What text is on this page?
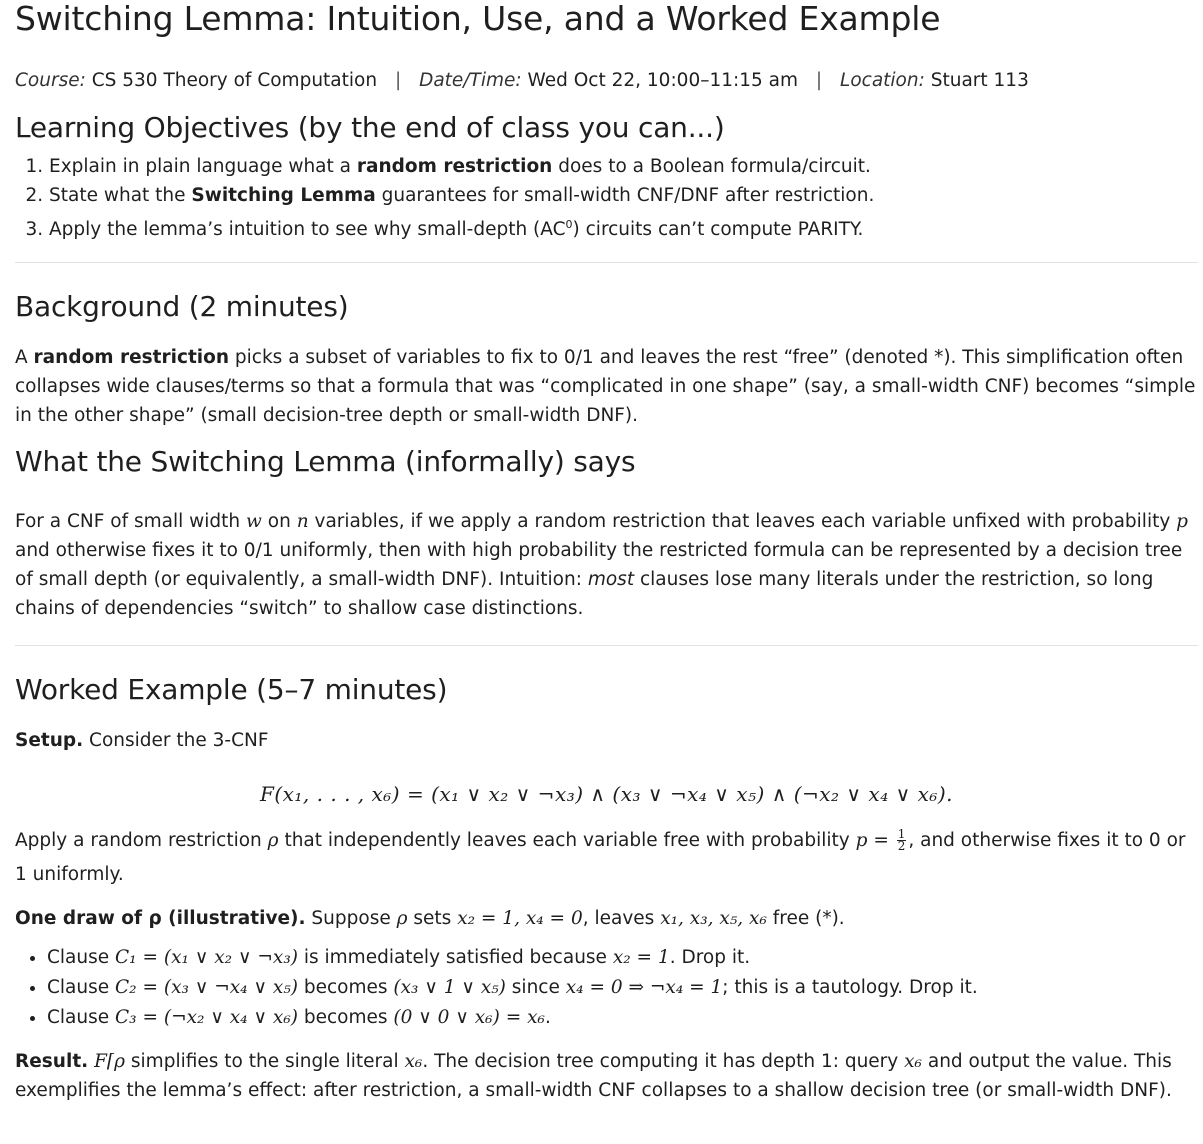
Switching Lemma: Intuition, Use, and a Worked Example
Course: CS 530 Theory of Computation | Date/Time: Wed Oct 22, 10:00–11:15 am | Location: Stuart 113
Learning Objectives (by the end of class you can...)
1. Explain in plain language what a random restriction does to a Boolean formula/circuit.
2. State what the Switching Lemma guarantees for small-width CNF/DNF after restriction.
3. Apply the lemma’s intuition to see why small-depth $(AC^0)$ circuits can’t compute PARITY.
Background (2 minutes)

A random restriction picks a subset of variables to fix to 0/1 and leaves the rest “free” (denoted *). This simplification often collapses wide clauses/terms so that a formula that was “complicated in one shape” (say, a small-width CNF) becomes “simple in the other shape” (small decision-tree depth or small-width DNF).

What the Switching Lemma (informally) says

For a CNF of small width w on n variables, if we apply a random restriction that leaves each variable unfixed with probability p and otherwise fixes it to 0/1 uniformly, then with high probability the restricted formula can be represented by a decision tree of small depth (or equivalently, a small-width DNF). Intuition: most clauses lose many literals under the restriction, so long chains of dependencies “switch” to shallow case distinctions.

Worked Example (5–7 minutes)

Setup. Consider the 3-CNF

F(x₁, . . . , x₆) = (x₁ ∨ x₂ ∨ ¬x₃) ∧ (x₃ ∨ ¬x₄ ∨ x₅) ∧ (¬x₂ ∨ x₄ ∨ x₆).

Apply a random restriction ρ that independently leaves each variable free with probability $p = \frac{1}{2}$ , and otherwise fixes it to 0 or 1 uniformly.

One draw of ρ (illustrative). Suppose ρ sets x₂ = 1, x₄ = 0, leaves x₁, x₃, x₅, x₆ free (*).

• Clause C₁ = (x₁ ∨ x₂ ∨ ¬x₃) is immediately satisfied because x₂ = 1. Drop it.
• Clause C₂ = (x₃ ∨ ¬x₄ ∨ x₅) becomes (x₃ ∨ 1 ∨ x₅) since x₄ = 0 ⇒ ¬x₄ = 1; this is a tautology. Drop it.
• Clause C₃ = (¬x₂ ∨ x₄ ∨ x₆) becomes (0 ∨ 0 ∨ x₆) = x₆.

Result. F⌈ρ simplifies to the single literal x₆. The decision tree computing it has depth 1: query x₆ and output the value. This exemplifies the lemma’s effect: after restriction, a small-width CNF collapses to a shallow decision tree (or small-width DNF).
